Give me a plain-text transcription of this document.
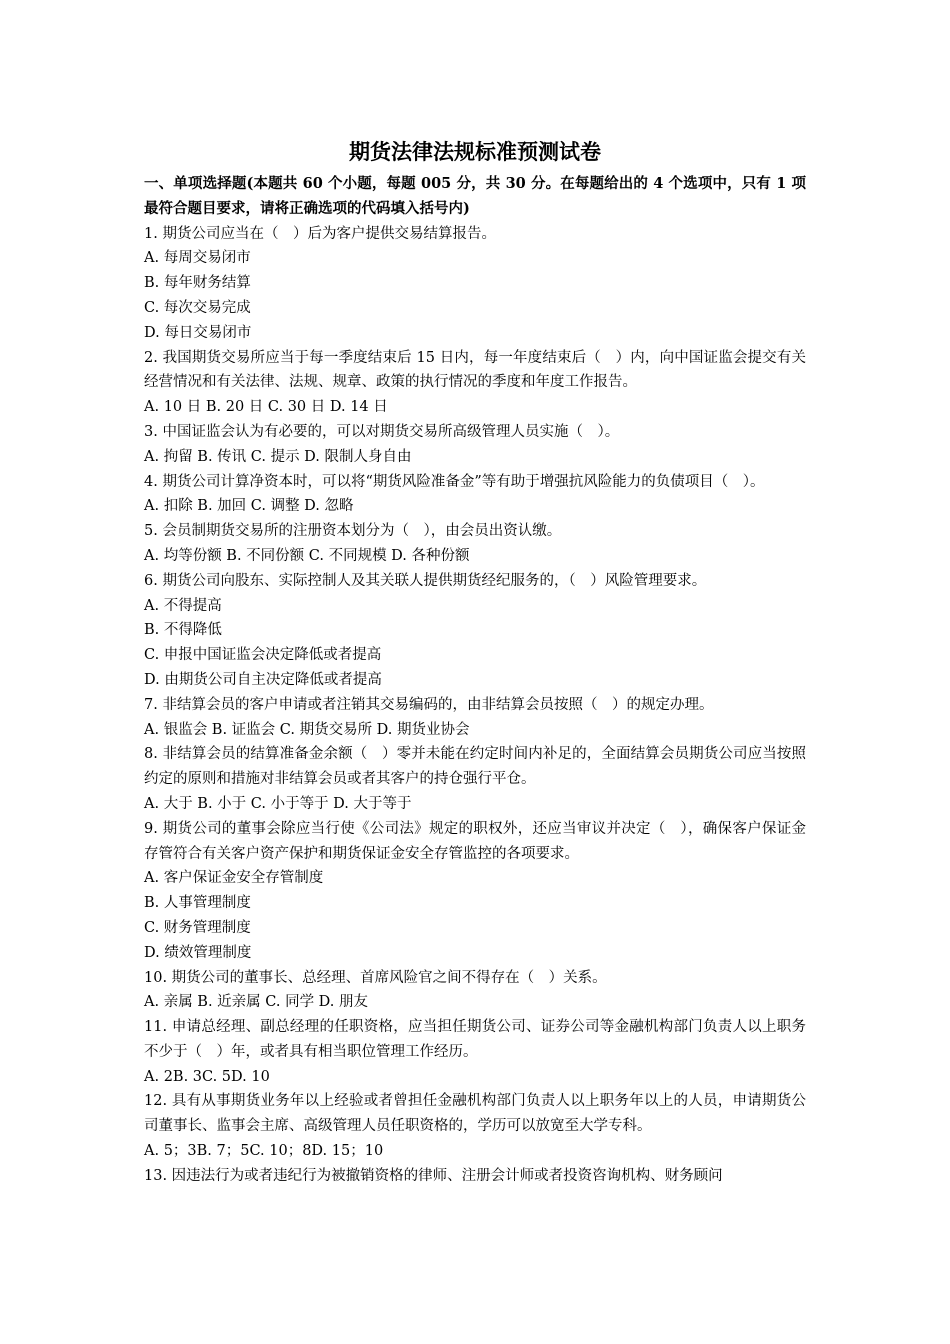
期货法律法规标准预测试卷

一、单项选择题(本题共 60 个小题，每题 005 分，共 30 分。在每题给出的 4 个选项中，只有 1 项最符合题目要求，请将正确选项的代码填入括号内)

1. 期货公司应当在（　）后为客户提供交易结算报告。

A. 每周交易闭市

B. 每年财务结算

C. 每次交易完成

D. 每日交易闭市

2. 我国期货交易所应当于每一季度结束后 15 日内，每一年度结束后（　）内，向中国证监会提交有关经营情况和有关法律、法规、规章、政策的执行情况的季度和年度工作报告。

A. 10 日 B. 20 日 C. 30 日 D. 14 日

3. 中国证监会认为有必要的，可以对期货交易所高级管理人员实施（　）。

A. 拘留 B. 传讯 C. 提示 D. 限制人身自由

4. 期货公司计算净资本时，可以将“期货风险准备金”等有助于增强抗风险能力的负债项目（　）。

A. 扣除 B. 加回 C. 调整 D. 忽略

5. 会员制期货交易所的注册资本划分为（　），由会员出资认缴。

A. 均等份额 B. 不同份额 C. 不同规模 D. 各种份额

6. 期货公司向股东、实际控制人及其关联人提供期货经纪服务的，（　）风险管理要求。

A. 不得提高

B. 不得降低

C. 申报中国证监会决定降低或者提高

D. 由期货公司自主决定降低或者提高

7. 非结算会员的客户申请或者注销其交易编码的，由非结算会员按照（　）的规定办理。

A. 银监会 B. 证监会 C. 期货交易所 D. 期货业协会

8. 非结算会员的结算准备金余额（　）零并未能在约定时间内补足的，全面结算会员期货公司应当按照约定的原则和措施对非结算会员或者其客户的持仓强行平仓。

A. 大于 B. 小于 C. 小于等于 D. 大于等于

9. 期货公司的董事会除应当行使《公司法》规定的职权外，还应当审议并决定（　），确保客户保证金存管符合有关客户资产保护和期货保证金安全存管监控的各项要求。

A. 客户保证金安全存管制度

B. 人事管理制度

C. 财务管理制度

D. 绩效管理制度

10. 期货公司的董事长、总经理、首席风险官之间不得存在（　）关系。

A. 亲属 B. 近亲属 C. 同学 D. 朋友

11. 申请总经理、副总经理的任职资格，应当担任期货公司、证券公司等金融机构部门负责人以上职务不少于（　）年，或者具有相当职位管理工作经历。

A. 2B. 3C. 5D. 10

12. 具有从事期货业务年以上经验或者曾担任金融机构部门负责人以上职务年以上的人员，申请期货公司董事长、监事会主席、高级管理人员任职资格的，学历可以放宽至大学专科。

A. 5；3B. 7；5C. 10；8D. 15；10

13. 因违法行为或者违纪行为被撤销资格的律师、注册会计师或者投资咨询机构、财务顾问
